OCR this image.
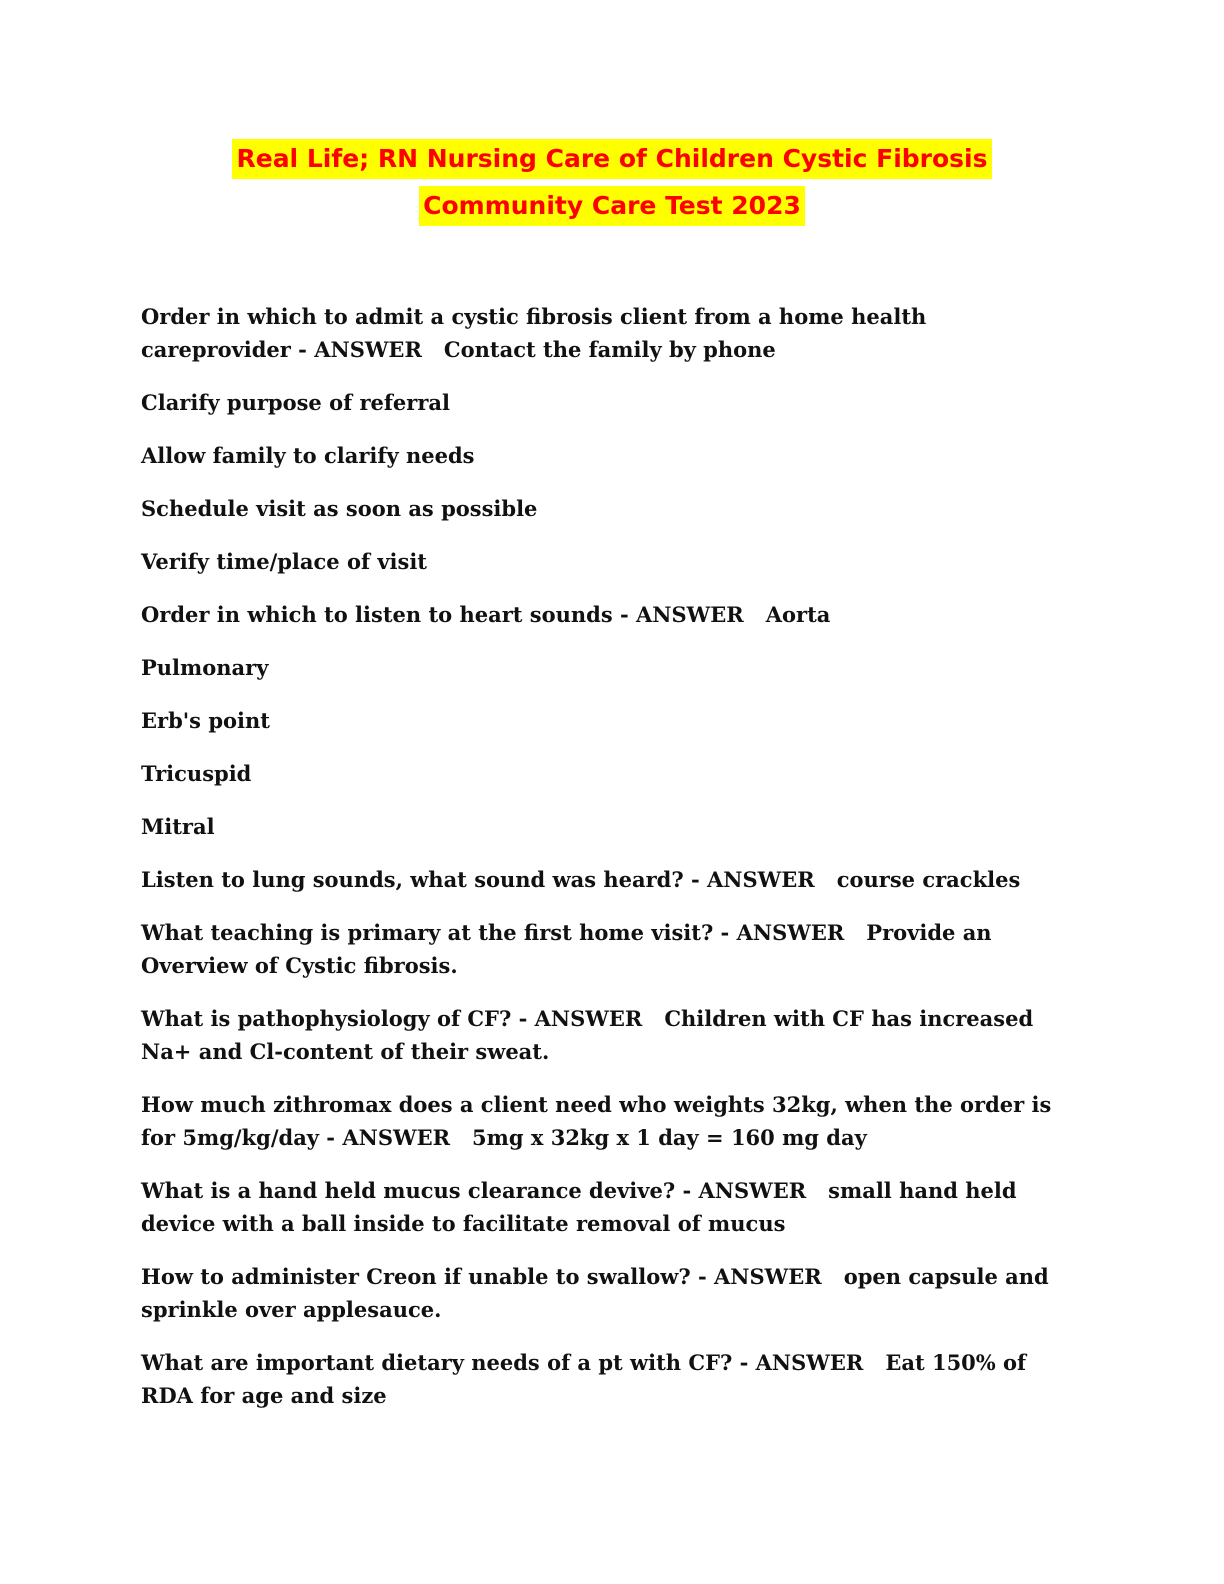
Real Life; RN Nursing Care of Children Cystic Fibrosis
Community Care Test 2023

Order in which to admit a cystic fibrosis client from a home health careprovider - ANSWER Contact the family by phone

Clarify purpose of referral

Allow family to clarify needs

Schedule visit as soon as possible

Verify time/place of visit

Order in which to listen to heart sounds - ANSWER Aorta

Pulmonary

Erb's point

Tricuspid

Mitral

Listen to lung sounds, what sound was heard? - ANSWER course crackles

What teaching is primary at the first home visit? - ANSWER Provide an Overview of Cystic fibrosis.

What is pathophysiology of CF? - ANSWER Children with CF has increased Na+ and Cl-content of their sweat.

How much zithromax does a client need who weights 32kg, when the order is for 5mg/kg/day - ANSWER 5mg x 32kg x 1 day = 160 mg day

What is a hand held mucus clearance devive? - ANSWER small hand held device with a ball inside to facilitate removal of mucus

How to administer Creon if unable to swallow? - ANSWER open capsule and sprinkle over applesauce.

What are important dietary needs of a pt with CF? - ANSWER Eat 150% of RDA for age and size
